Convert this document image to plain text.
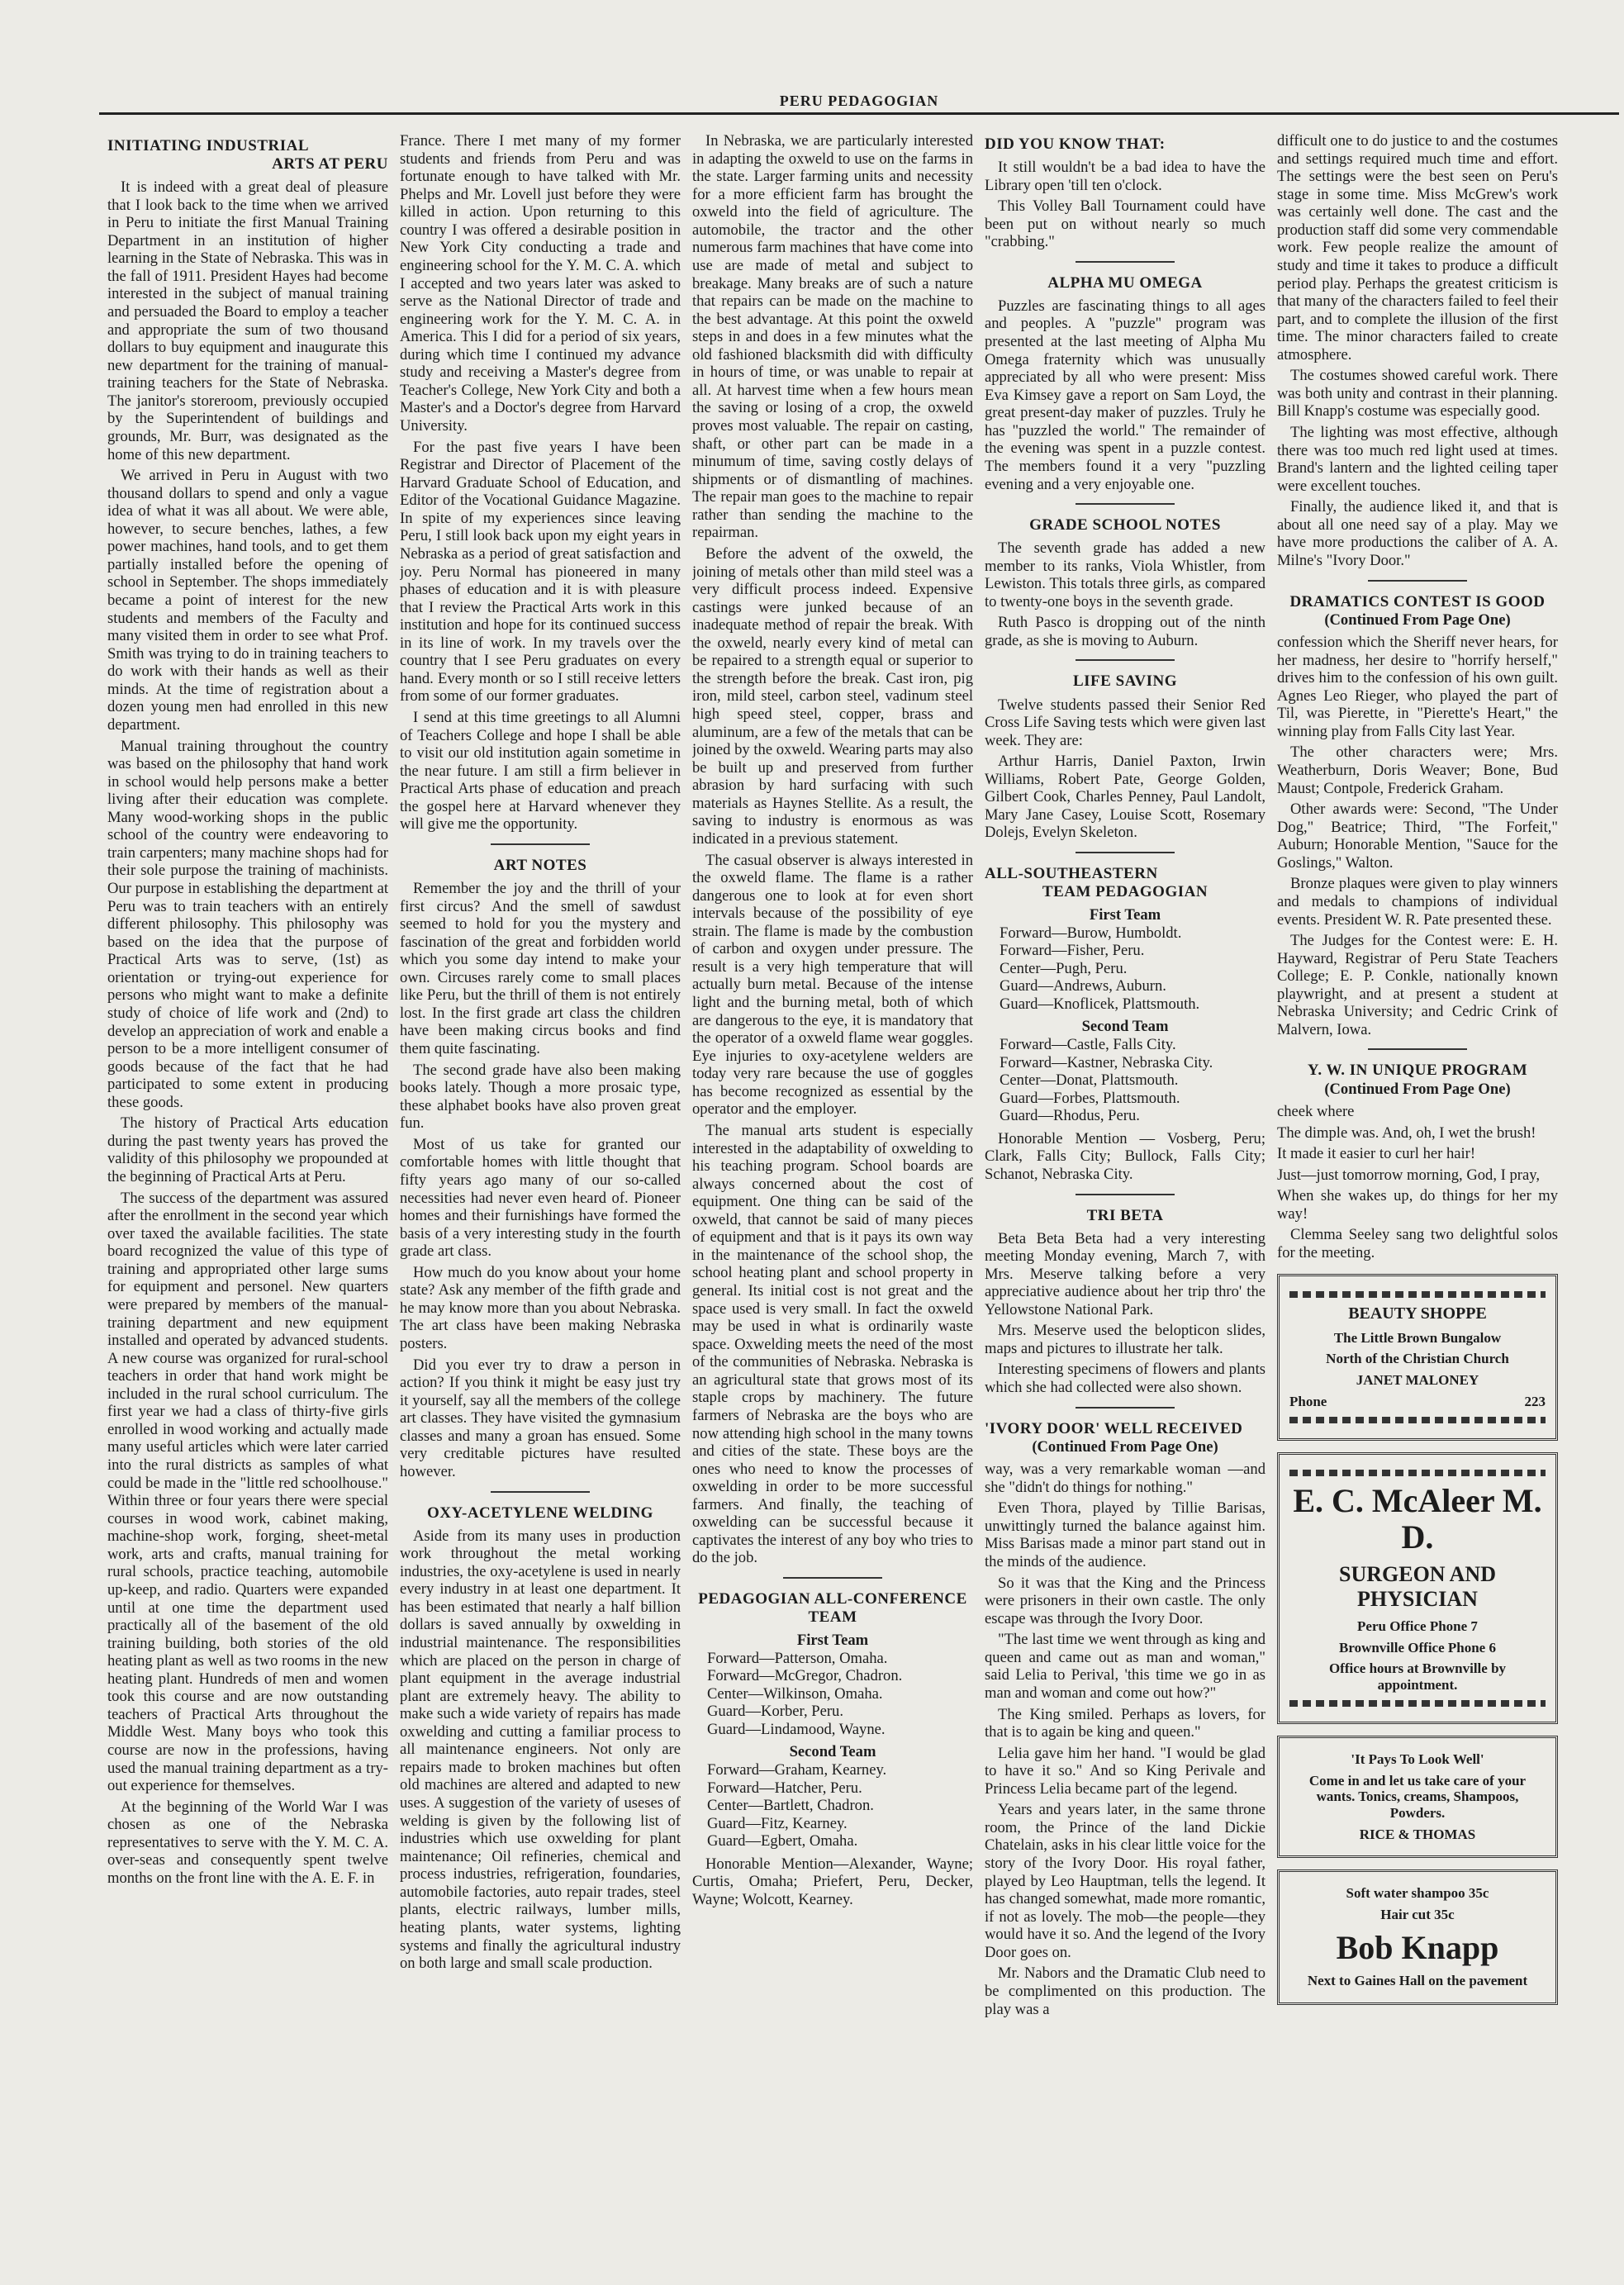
PERU PEDAGOGIAN
INITIATING INDUSTRIAL
ARTS AT PERU

It is indeed with a great deal of pleasure that I look back to the time when we arrived in Peru to initiate the first Manual Training Department in an institution of higher learning in the State of Nebraska. This was in the fall of 1911. President Hayes had become interested in the subject of manual training and persuaded the Board to employ a teacher and appropriate the sum of two thousand dollars to buy equipment and inaugurate this new department for the training of manual-training teachers for the State of Nebraska. The janitor's storeroom, previously occupied by the Superintendent of buildings and grounds, Mr. Burr, was designated as the home of this new department.

We arrived in Peru in August with two thousand dollars to spend and only a vague idea of what it was all about. We were able, however, to secure benches, lathes, a few power machines, hand tools, and to get them partially installed before the opening of school in September. The shops immediately became a point of interest for the new students and members of the Faculty and many visited them in order to see what Prof. Smith was trying to do in training teachers to do work with their hands as well as their minds. At the time of registration about a dozen young men had enrolled in this new department.

Manual training throughout the country was based on the philosophy that hand work in school would help persons make a better living after their education was complete. Many wood-working shops in the public school of the country were endeavoring to train carpenters; many machine shops had for their sole purpose the training of machinists. Our purpose in establishing the department at Peru was to train teachers with an entirely different philosophy. This philosophy was based on the idea that the purpose of Practical Arts was to serve, (1st) as orientation or trying-out experience for persons who might want to make a definite study of choice of life work and (2nd) to develop an appreciation of work and enable a person to be a more intelligent consumer of goods because of the fact that he had participated to some extent in producing these goods.

The history of Practical Arts education during the past twenty years has proved the validity of this philosophy we propounded at the beginning of Practical Arts at Peru.

The success of the department was assured after the enrollment in the second year which over taxed the available facilities. The state board recognized the value of this type of training and appropriated other large sums for equipment and personel. New quarters were prepared by members of the manual-training department and new equipment installed and operated by advanced students. A new course was organized for rural-school teachers in order that hand work might be included in the rural school curriculum. The first year we had a class of thirty-five girls enrolled in wood working and actually made many useful articles which were later carried into the rural districts as samples of what could be made in the "little red schoolhouse." Within three or four years there were special courses in wood work, cabinet making, machine-shop work, forging, sheet-metal work, arts and crafts, manual training for rural schools, practice teaching, automobile up-keep, and radio. Quarters were expanded until at one time the department used practically all of the basement of the old training building, both stories of the old heating plant as well as two rooms in the new heating plant. Hundreds of men and women took this course and are now outstanding teachers of Practical Arts throughout the Middle West. Many boys who took this course are now in the professions, having used the manual training department as a try-out experience for themselves.

At the beginning of the World War I was chosen as one of the Nebraska representatives to serve with the Y. M. C. A. over-seas and consequently spent twelve months on the front line with the A. E. F. in

France. There I met many of my former students and friends from Peru and was fortunate enough to have talked with Mr. Phelps and Mr. Lovell just before they were killed in action. Upon returning to this country I was offered a desirable position in New York City conducting a trade and engineering school for the Y. M. C. A. which I accepted and two years later was asked to serve as the National Director of trade and engineering work for the Y. M. C. A. in America. This I did for a period of six years, during which time I continued my advance study and receiving a Master's degree from Teacher's College, New York City and both a Master's and a Doctor's degree from Harvard University.

For the past five years I have been Registrar and Director of Placement of the Harvard Graduate School of Education, and Editor of the Vocational Guidance Magazine. In spite of my experiences since leaving Peru, I still look back upon my eight years in Nebraska as a period of great satisfaction and joy. Peru Normal has pioneered in many phases of education and it is with pleasure that I review the Practical Arts work in this institution and hope for its continued success in its line of work. In my travels over the country that I see Peru graduates on every hand. Every month or so I still receive letters from some of our former graduates.

I send at this time greetings to all Alumni of Teachers College and hope I shall be able to visit our old institution again sometime in the near future. I am still a firm believer in Practical Arts phase of education and preach the gospel here at Harvard whenever they will give me the opportunity.

ART NOTES

Remember the joy and the thrill of your first circus? And the smell of sawdust seemed to hold for you the mystery and fascination of the great and forbidden world which you some day intend to make your own. Circuses rarely come to small places like Peru, but the thrill of them is not entirely lost. In the first grade art class the children have been making circus books and find them quite fascinating.

The second grade have also been making books lately. Though a more prosaic type, these alphabet books have also proven great fun.

Most of us take for granted our comfortable homes with little thought that fifty years ago many of our so-called necessities had never even heard of. Pioneer homes and their furnishings have formed the basis of a very interesting study in the fourth grade art class.

How much do you know about your home state? Ask any member of the fifth grade and he may know more than you about Nebraska. The art class have been making Nebraska posters.

Did you ever try to draw a person in action? If you think it might be easy just try it yourself, say all the members of the college art classes. They have visited the gymnasium classes and many a groan has ensued. Some very creditable pictures have resulted however.

OXY-ACETYLENE WELDING

Aside from its many uses in production work throughout the metal working industries, the oxy-acetylene is used in nearly every industry in at least one department. It has been estimated that nearly a half billion dollars is saved annually by oxwelding in industrial maintenance. The responsibilities which are placed on the person in charge of plant equipment in the average industrial plant are extremely heavy. The ability to make such a wide variety of repairs has made oxwelding and cutting a familiar process to all maintenance engineers. Not only are repairs made to broken machines but often old machines are altered and adapted to new uses. A suggestion of the variety of useses of welding is given by the following list of industries which use oxwelding for plant maintenance; Oil refineries, chemical and process industries, refrigeration, foundaries, automobile factories, auto repair trades, steel plants, electric railways, lumber mills, heating plants, water systems, lighting systems and finally the agricultural industry on both large and small scale production.

In Nebraska, we are particularly interested in adapting the oxweld to use on the farms in the state. Larger farming units and necessity for a more efficient farm has brought the oxweld into the field of agriculture. The automobile, the tractor and the other numerous farm machines that have come into use are made of metal and subject to breakage. Many breaks are of such a nature that repairs can be made on the machine to the best advantage. At this point the oxweld steps in and does in a few minutes what the old fashioned blacksmith did with difficulty in hours of time, or was unable to repair at all. At harvest time when a few hours mean the saving or losing of a crop, the oxweld proves most valuable. The repair on casting, shaft, or other part can be made in a minumum of time, saving costly delays of shipments or of dismantling of machines. The repair man goes to the machine to repair rather than sending the machine to the repairman.

Before the advent of the oxweld, the joining of metals other than mild steel was a very difficult process indeed. Expensive castings were junked because of an inadequate method of repair the break. With the oxweld, nearly every kind of metal can be repaired to a strength equal or superior to the strength before the break. Cast iron, pig iron, mild steel, carbon steel, vadinum steel high speed steel, copper, brass and aluminum, are a few of the metals that can be joined by the oxweld. Wearing parts may also be built up and preserved from further abrasion by hard surfacing with such materials as Haynes Stellite. As a result, the saving to industry is enormous as was indicated in a previous statement.

The casual observer is always interested in the oxweld flame. The flame is a rather dangerous one to look at for even short intervals because of the possibility of eye strain. The flame is made by the combustion of carbon and oxygen under pressure. The result is a very high temperature that will actually burn metal. Because of the intense light and the burning metal, both of which are dangerous to the eye, it is mandatory that the operator of a oxweld flame wear goggles. Eye injuries to oxy-acetylene welders are today very rare because the use of goggles has become recognized as essential by the operator and the employer.

The manual arts student is especially interested in the adaptability of oxwelding to his teaching program. School boards are always concerned about the cost of equipment. One thing can be said of the oxweld, that cannot be said of many pieces of equipment and that is it pays its own way in the maintenance of the school shop, the school heating plant and school property in general. Its initial cost is not great and the space used is very small. In fact the oxweld may be used in what is ordinarily waste space. Oxwelding meets the need of the most of the communities of Nebraska. Nebraska is an agricultural state that grows most of its staple crops by machinery. The future farmers of Nebraska are the boys who are now attending high school in the many towns and cities of the state. These boys are the ones who need to know the processes of oxwelding in order to be more successful farmers. And finally, the teaching of oxwelding can be successful because it captivates the interest of any boy who tries to do the job.

PEDAGOGIAN ALL-CONFERENCE TEAM
First Team
Forward—Patterson, Omaha.
Forward—McGregor, Chadron.
Center—Wilkinson, Omaha.
Guard—Korber, Peru.
Guard—Lindamood, Wayne.
Second Team
Forward—Graham, Kearney.
Forward—Hatcher, Peru.
Center—Bartlett, Chadron.
Guard—Fitz, Kearney.
Guard—Egbert, Omaha.

Honorable Mention—Alexander, Wayne; Curtis, Omaha; Priefert, Peru, Decker, Wayne; Wolcott, Kearney.

DID YOU KNOW THAT:

It still wouldn't be a bad idea to have the Library open 'till ten o'clock.

This Volley Ball Tournament could have been put on without nearly so much "crabbing."

ALPHA MU OMEGA

Puzzles are fascinating things to all ages and peoples. A "puzzle" program was presented at the last meeting of Alpha Mu Omega fraternity which was unusually appreciated by all who were present: Miss Eva Kimsey gave a report on Sam Loyd, the great present-day maker of puzzles. Truly he has "puzzled the world." The remainder of the evening was spent in a puzzle contest. The members found it a very "puzzling evening and a very enjoyable one.

GRADE SCHOOL NOTES

The seventh grade has added a new member to its ranks, Viola Whistler, from Lewiston. This totals three girls, as compared to twenty-one boys in the seventh grade.

Ruth Pasco is dropping out of the ninth grade, as she is moving to Auburn.

LIFE SAVING

Twelve students passed their Senior Red Cross Life Saving tests which were given last week. They are:

Arthur Harris, Daniel Paxton, Irwin Williams, Robert Pate, George Golden, Gilbert Cook, Charles Penney, Paul Landolt, Mary Jane Casey, Louise Scott, Rosemary Dolejs, Evelyn Skeleton.

ALL-SOUTHEASTERN
TEAM PEDAGOGIAN
First Team
Forward—Burow, Humboldt.
Forward—Fisher, Peru.
Center—Pugh, Peru.
Guard—Andrews, Auburn.
Guard—Knoflicek, Plattsmouth.
Second Team
Forward—Castle, Falls City.
Forward—Kastner, Nebraska City.
Center—Donat, Plattsmouth.
Guard—Forbes, Plattsmouth.
Guard—Rhodus, Peru.

Honorable Mention — Vosberg, Peru; Clark, Falls City; Bullock, Falls City; Schanot, Nebraska City.

TRI BETA

Beta Beta Beta had a very interesting meeting Monday evening, March 7, with Mrs. Meserve talking before a very appreciative audience about her trip thro' the Yellowstone National Park.

Mrs. Meserve used the belopticon slides, maps and pictures to illustrate her talk.

Interesting specimens of flowers and plants which she had collected were also shown.

'IVORY DOOR' WELL RECEIVED
(Continued From Page One)

way, was a very remarkable woman —and she "didn't do things for nothing."

Even Thora, played by Tillie Barisas, unwittingly turned the balance against him. Miss Barisas made a minor part stand out in the minds of the audience.

So it was that the King and the Princess were prisoners in their own castle. The only escape was through the Ivory Door.

"The last time we went through as king and queen and came out as man and woman," said Lelia to Perival, 'this time we go in as man and woman and come out how?"

The King smiled. Perhaps as lovers, for that is to again be king and queen."

Lelia gave him her hand. "I would be glad to have it so." And so King Perivale and Princess Lelia became part of the legend.

Years and years later, in the same throne room, the Prince of the land Dickie Chatelain, asks in his clear little voice for the story of the Ivory Door. His royal father, played by Leo Hauptman, tells the legend. It has changed somewhat, made more romantic, if not as lovely. The mob—the people—they would have it so. And the legend of the Ivory Door goes on.

Mr. Nabors and the Dramatic Club need to be complimented on this production. The play was a

difficult one to do justice to and the costumes and settings required much time and effort. The settings were the best seen on Peru's stage in some time. Miss McGrew's work was certainly well done. The cast and the production staff did some very commendable work. Few people realize the amount of study and time it takes to produce a difficult period play. Perhaps the greatest criticism is that many of the characters failed to feel their part, and to complete the illusion of the first time. The minor characters failed to create atmosphere.

The costumes showed careful work. There was both unity and contrast in their planning. Bill Knapp's costume was especially good.

The lighting was most effective, although there was too much red light used at times. Brand's lantern and the lighted ceiling taper were excellent touches.

Finally, the audience liked it, and that is about all one need say of a play. May we have more productions the caliber of A. A. Milne's "Ivory Door."

DRAMATICS CONTEST IS GOOD
(Continued From Page One)

confession which the Sheriff never hears, for her madness, her desire to "horrify herself," drives him to the confession of his own guilt. Agnes Leo Rieger, who played the part of Til, was Pierette, in "Pierette's Heart," the winning play from Falls City last Year.

The other characters were; Mrs. Weatherburn, Doris Weaver; Bone, Bud Maust; Contpole, Frederick Graham.

Other awards were: Second, "The Under Dog," Beatrice; Third, "The Forfeit," Auburn; Honorable Mention, "Sauce for the Goslings," Walton.

Bronze plaques were given to play winners and medals to champions of individual events. President W. R. Pate presented these.

The Judges for the Contest were: E. H. Hayward, Registrar of Peru State Teachers College; E. P. Conkle, nationally known playwright, and at present a student at Nebraska University; and Cedric Crink of Malvern, Iowa.

Y. W. IN UNIQUE PROGRAM
(Continued From Page One)

cheek where

The dimple was. And, oh, I wet the brush!

It made it easier to curl her hair!

Just—just tomorrow morning, God, I pray,

When she wakes up, do things for her my way!

Clemma Seeley sang two delightful solos for the meeting.

BEAUTY SHOPPE
The Little Brown Bungalow
North of the Christian Church
JANET MALONEY
Phone	223
E. C. McAleer M. D.
SURGEON AND PHYSICIAN
Peru Office Phone 7
Brownville Office Phone 6
Office hours at Brownville by appointment.
'It Pays To Look Well'
Come in and let us take care of your wants. Tonics, creams, Shampoos, Powders.
RICE & THOMAS
Soft water shampoo 35c
Hair cut 35c
Bob Knapp
Next to Gaines Hall on the pavement
